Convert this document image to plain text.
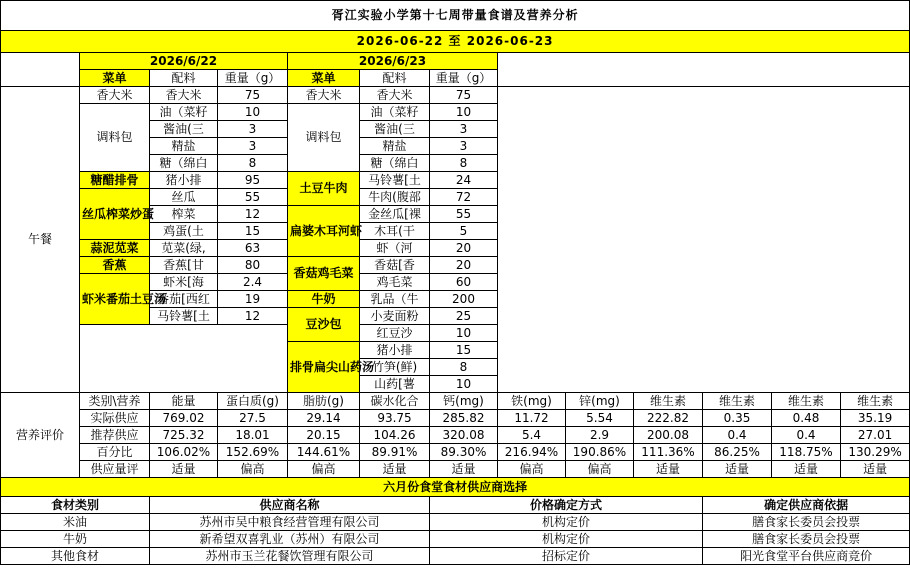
胥江实验小学第十七周带量食谱及营养分析												
2026-06-22 至 2026-06-23												
	2026/6/22			2026/6/23								
	菜单	配料	重量（g）	菜单	配料	重量（g）						
午餐	香大米	香大米	75	香大米	香大米	75						
	调料包	油（菜籽	10	调料包	油（菜籽	10						
		酱油(三	3		酱油(三	3						
		精盐	3		精盐	3						
		糖（绵白	8		糖（绵白	8						
	糖醋排骨	猪小排	95	土豆牛肉	马铃薯[土	24						
	丝瓜榨菜炒蛋	丝瓜	55		牛肉(腹部	72						
		榨菜	12	扁婆木耳河虾	金丝瓜[裸	55						
		鸡蛋(土	15		木耳(干	5						
	蒜泥苋菜	苋菜(绿,	63		虾（河	20						
	香蕉	香蕉[甘	80	香菇鸡毛菜	香菇[香	20						
	虾米番茄土豆汤	虾米[海	2.4		鸡毛菜	60						
		番茄[西红	19	牛奶	乳品（牛	200						
		马铃薯[土	12	豆沙包	小麦面粉	25						
					红豆沙	10						
				排骨扁尖山药汤	猪小排	15						
					竹笋(鲜)	8						
					山药[薯	10						
营养评价	类别\营养	能量	蛋白质(g)	脂肪(g)	碳水化合	钙(mg)	铁(mg)	锌(mg)	维生素	维生素	维生素	维生素
	实际供应	769.02	27.5	29.14	93.75	285.82	11.72	5.54	222.82	0.35	0.48	35.19
	推荐供应	725.32	18.01	20.15	104.26	320.08	5.4	2.9	200.08	0.4	0.4	27.01
	百分比	106.02%	152.69%	144.61%	89.91%	89.30%	216.94%	190.86%	111.36%	86.25%	118.75%	130.29%
	供应量评	适量	偏高	偏高	适量	适量	偏高	偏高	适量	适量	适量	适量
六月份食堂食材供应商选择												
食材类别		供应商名称				价格确定方式				确定供应商依据		
米油		苏州市吴中粮食经营管理有限公司				机构定价				膳食家长委员会投票		
牛奶		新希望双喜乳业（苏州）有限公司				机构定价				膳食家长委员会投票		
其他食材		苏州市玉兰花餐饮管理有限公司				招标定价				阳光食堂平台供应商竞价		
